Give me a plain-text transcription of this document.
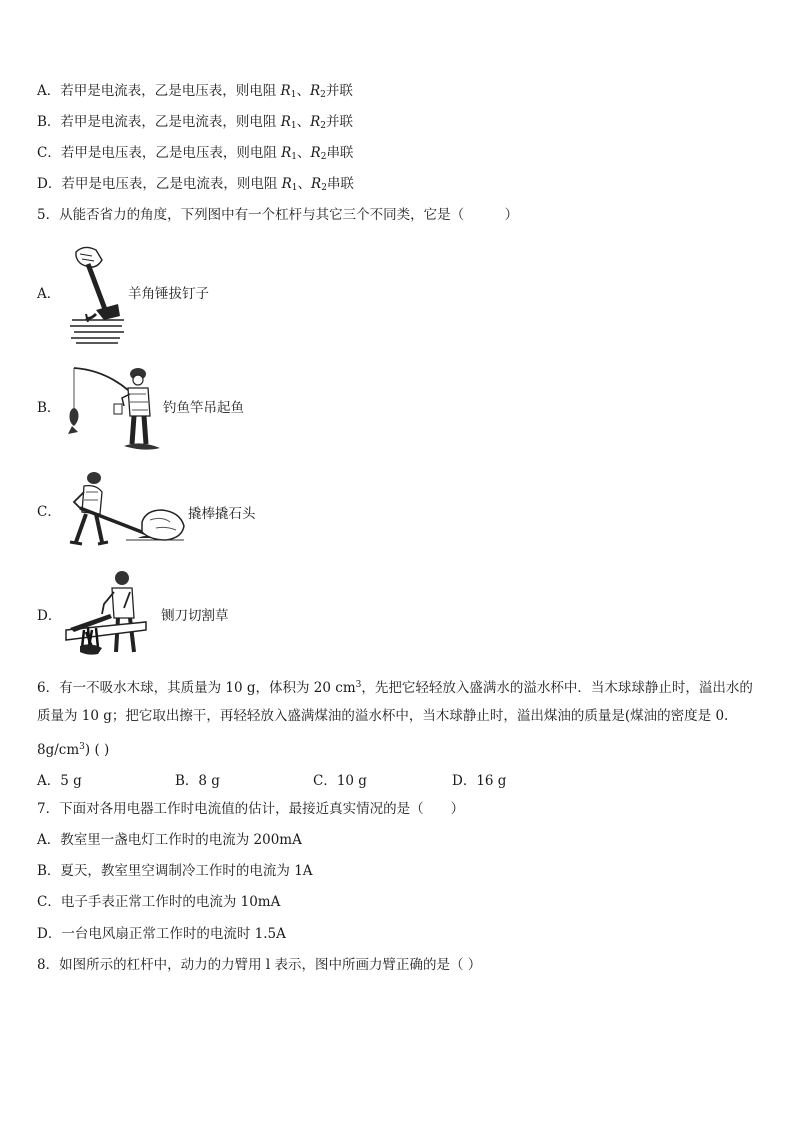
A．若甲是电流表，乙是电压表，则电阻 $R_1$、$R_2$并联
B．若甲是电流表，乙是电流表，则电阻 $R_1$、$R_2$并联
C．若甲是电压表，乙是电压表，则电阻 $R_1$、$R_2$串联
D．若甲是电压表，乙是电流表，则电阻 $R_1$、$R_2$串联
5．从能否省力的角度，下列图中有一个杠杆与其它三个不同类，它是（　　　）
A．	羊角锤拔钉子
B．	钓鱼竿吊起鱼
C．	撬棒撬石头
D．	铡刀切割草
6．有一不吸水木球，其质量为 10 g，体积为 20 $cm^3$，先把它轻轻放入盛满水的溢水杯中．当木球球静止时，溢出水的
质量为 10 g；把它取出擦干，再轻轻放入盛满煤油的溢水杯中，当木球静止时，溢出煤油的质量是(煤油的密度是 0.
$8g/cm^3$) ( )
A．5 g	B．8 g	C．10 g	D．16 g
7．下面对各用电器工作时电流值的估计，最接近真实情况的是（　　）
A．教室里一盏电灯工作时的电流为 200mA
B．夏天，教室里空调制冷工作时的电流为 1A
C．电子手表正常工作时的电流为 10mA
D．一台电风扇正常工作时的电流时 1.5A
8．如图所示的杠杆中，动力的力臂用 l 表示，图中所画力臂正确的是（ ）
